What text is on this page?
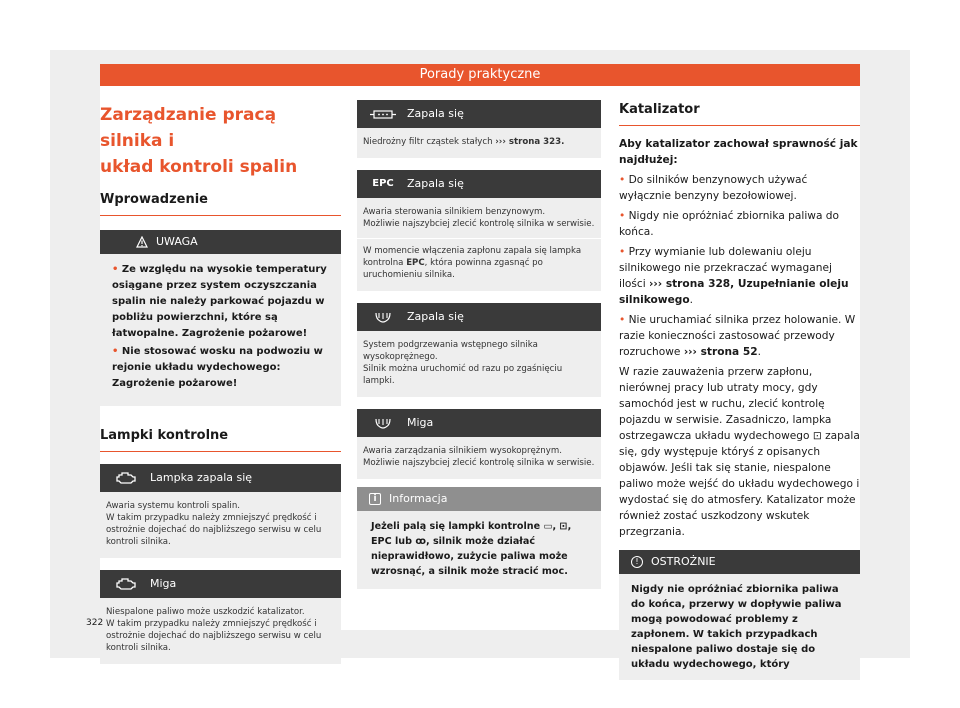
Porady praktyczne
Zarządzanie pracą silnika i
układ kontroli spalin
Wprowadzenie
UWAGA

• Ze względu na wysokie temperatury osiągane przez system oczyszczania spalin nie należy parkować pojazdu w pobliżu powierzchni, które są łatwopalne. Zagrożenie pożarowe!

• Nie stosować wosku na podwoziu w rejonie układu wydechowego: Zagrożenie pożarowe!

Lampki kontrolne
Lampka zapala się
Awaria systemu kontroli spalin.
W takim przypadku należy zmniejszyć prędkość i ostrożnie dojechać do najbliższego serwisu w celu kontroli silnika.
Miga
Niespalone paliwo może uszkodzić katalizator.
W takim przypadku należy zmniejszyć prędkość i ostrożnie dojechać do najbliższego serwisu w celu kontroli silnika.
Zapala się
Niedrożny filtr cząstek stałych ››› strona 323.
EPC Zapala się
Awaria sterowania silnikiem benzynowym.
Możliwie najszybciej zlecić kontrolę silnika w serwisie.
W momencie włączenia zapłonu zapala się lampka kontrolna EPC, która powinna zgasnąć po uruchomieniu silnika.
Zapala się
System podgrzewania wstępnego silnika wysokoprężnego.
Silnik można uruchomić od razu po zgaśnięciu lampki.
Miga
Awaria zarządzania silnikiem wysokoprężnym.
Możliwie najszybciej zlecić kontrolę silnika w serwisie.
i	Informacja
Jeżeli palą się lampki kontrolne ▭, ⊡, EPC lub ꝏ, silnik może działać nieprawidłowo, zużycie paliwa może wzrosnąć, a silnik może stracić moc.
Katalizator

Aby katalizator zachował sprawność jak najdłużej:

• Do silników benzynowych używać wyłącznie benzyny bezołowiowej.

• Nigdy nie opróżniać zbiornika paliwa do końca.

• Przy wymianie lub dolewaniu oleju silnikowego nie przekraczać wymaganej ilości ››› strona 328, Uzupełnianie oleju silnikowego.

• Nie uruchamiać silnika przez holowanie. W razie konieczności zastosować przewody rozruchowe ››› strona 52.

W razie zauważenia przerw zapłonu, nierównej pracy lub utraty mocy, gdy samochód jest w ruchu, zlecić kontrolę pojazdu w serwisie. Zasadniczo, lampka ostrzegawcza układu wydechowego ⊡ zapala się, gdy występuje któryś z opisanych objawów. Jeśli tak się stanie, niespalone paliwo może wejść do układu wydechowego i wydostać się do atmosfery. Katalizator może również zostać uszkodzony wskutek przegrzania.

!	OSTROŻNIE
Nigdy nie opróżniać zbiornika paliwa do końca, przerwy w dopływie paliwa mogą powodować problemy z zapłonem. W takich przypadkach niespalone paliwo dostaje się do układu wydechowego, który
322
